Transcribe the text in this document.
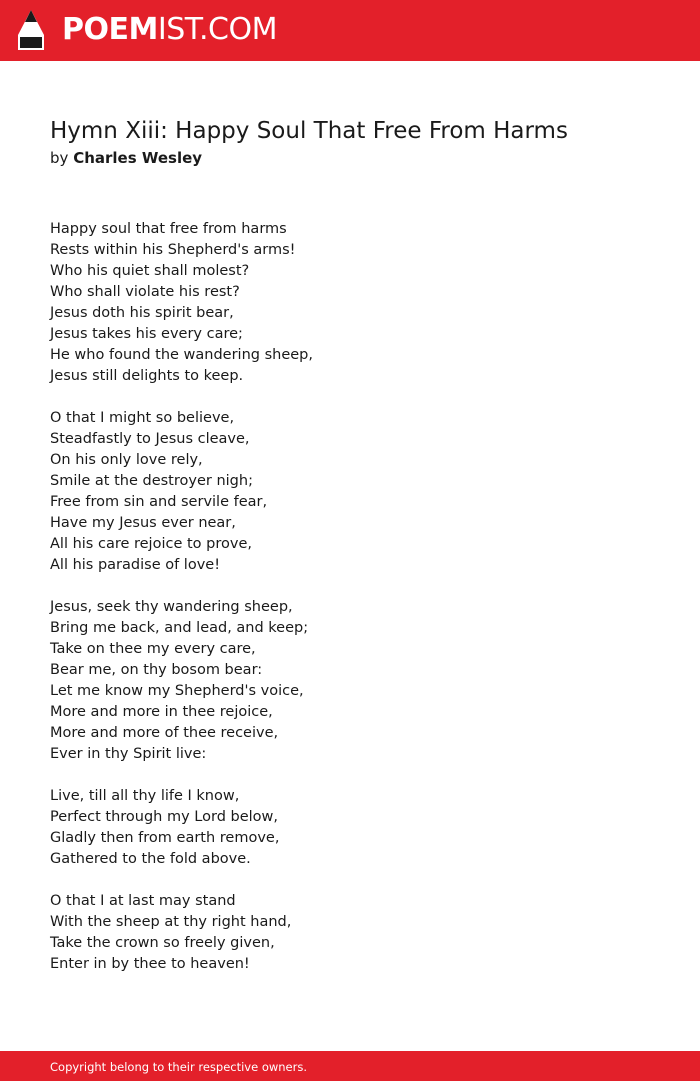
POEMIST.COM
Hymn Xiii: Happy Soul That Free From Harms
by Charles Wesley
Happy soul that free from harms
Rests within his Shepherd's arms!
Who his quiet shall molest?
Who shall violate his rest?
Jesus doth his spirit bear,
Jesus takes his every care;
He who found the wandering sheep,
Jesus still delights to keep.
O that I might so believe,
Steadfastly to Jesus cleave,
On his only love rely,
Smile at the destroyer nigh;
Free from sin and servile fear,
Have my Jesus ever near,
All his care rejoice to prove,
All his paradise of love!
Jesus, seek thy wandering sheep,
Bring me back, and lead, and keep;
Take on thee my every care,
Bear me, on thy bosom bear:
Let me know my Shepherd's voice,
More and more in thee rejoice,
More and more of thee receive,
Ever in thy Spirit live:
Live, till all thy life I know,
Perfect through my Lord below,
Gladly then from earth remove,
Gathered to the fold above.
O that I at last may stand
With the sheep at thy right hand,
Take the crown so freely given,
Enter in by thee to heaven!
Copyright belong to their respective owners.
